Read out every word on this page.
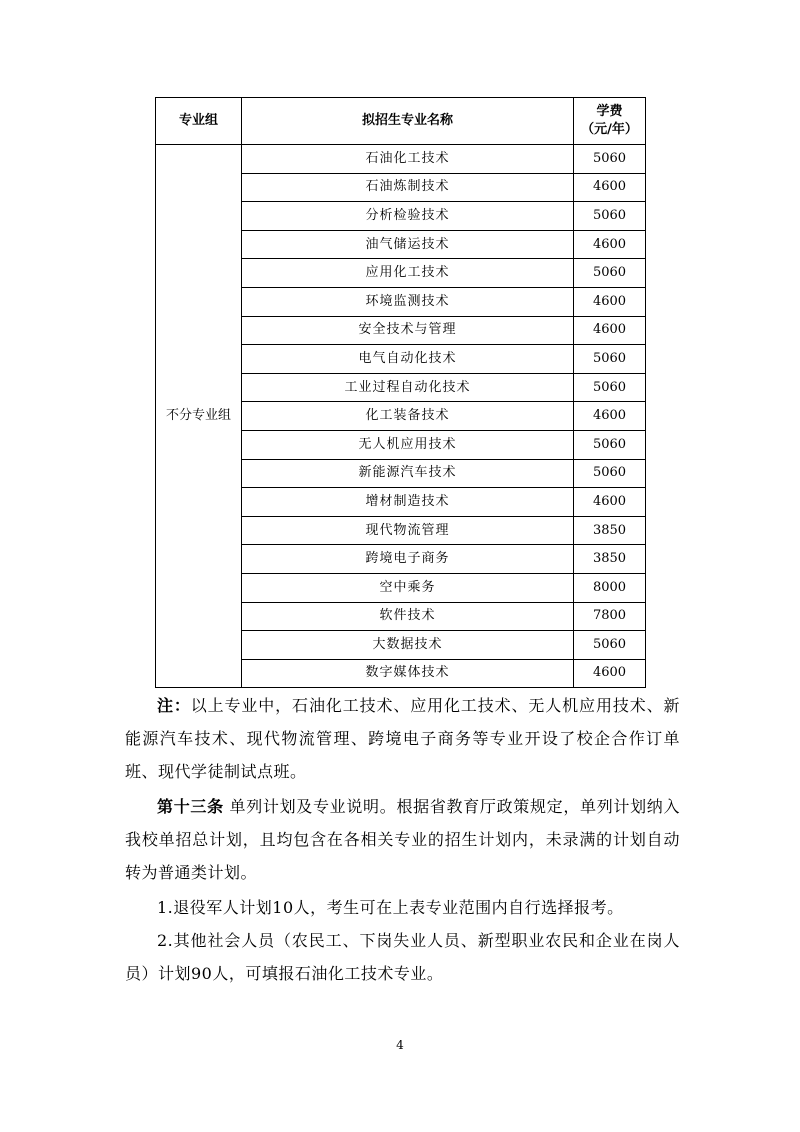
专业组	拟招生专业名称	学费
（元/年）

不分专业组	石油化工技术	5060
	石油炼制技术	4600
	分析检验技术	5060
	油气储运技术	4600
	应用化工技术	5060
	环境监测技术	4600
	安全技术与管理	4600
	电气自动化技术	5060
	工业过程自动化技术	5060
	化工装备技术	4600
	无人机应用技术	5060
	新能源汽车技术	5060
	增材制造技术	4600
	现代物流管理	3850
	跨境电子商务	3850
	空中乘务	8000
	软件技术	7800
	大数据技术	5060
	数字媒体技术	4600

注：以上专业中，石油化工技术、应用化工技术、无人机应用技术、新能源汽车技术、现代物流管理、跨境电子商务等专业开设了校企合作订单班、现代学徒制试点班。

第十三条 单列计划及专业说明。根据省教育厅政策规定，单列计划纳入我校单招总计划，且均包含在各相关专业的招生计划内，未录满的计划自动转为普通类计划。

1.退役军人计划10人，考生可在上表专业范围内自行选择报考。

2.其他社会人员（农民工、下岗失业人员、新型职业农民和企业在岗人员）计划90人，可填报石油化工技术专业。

4
